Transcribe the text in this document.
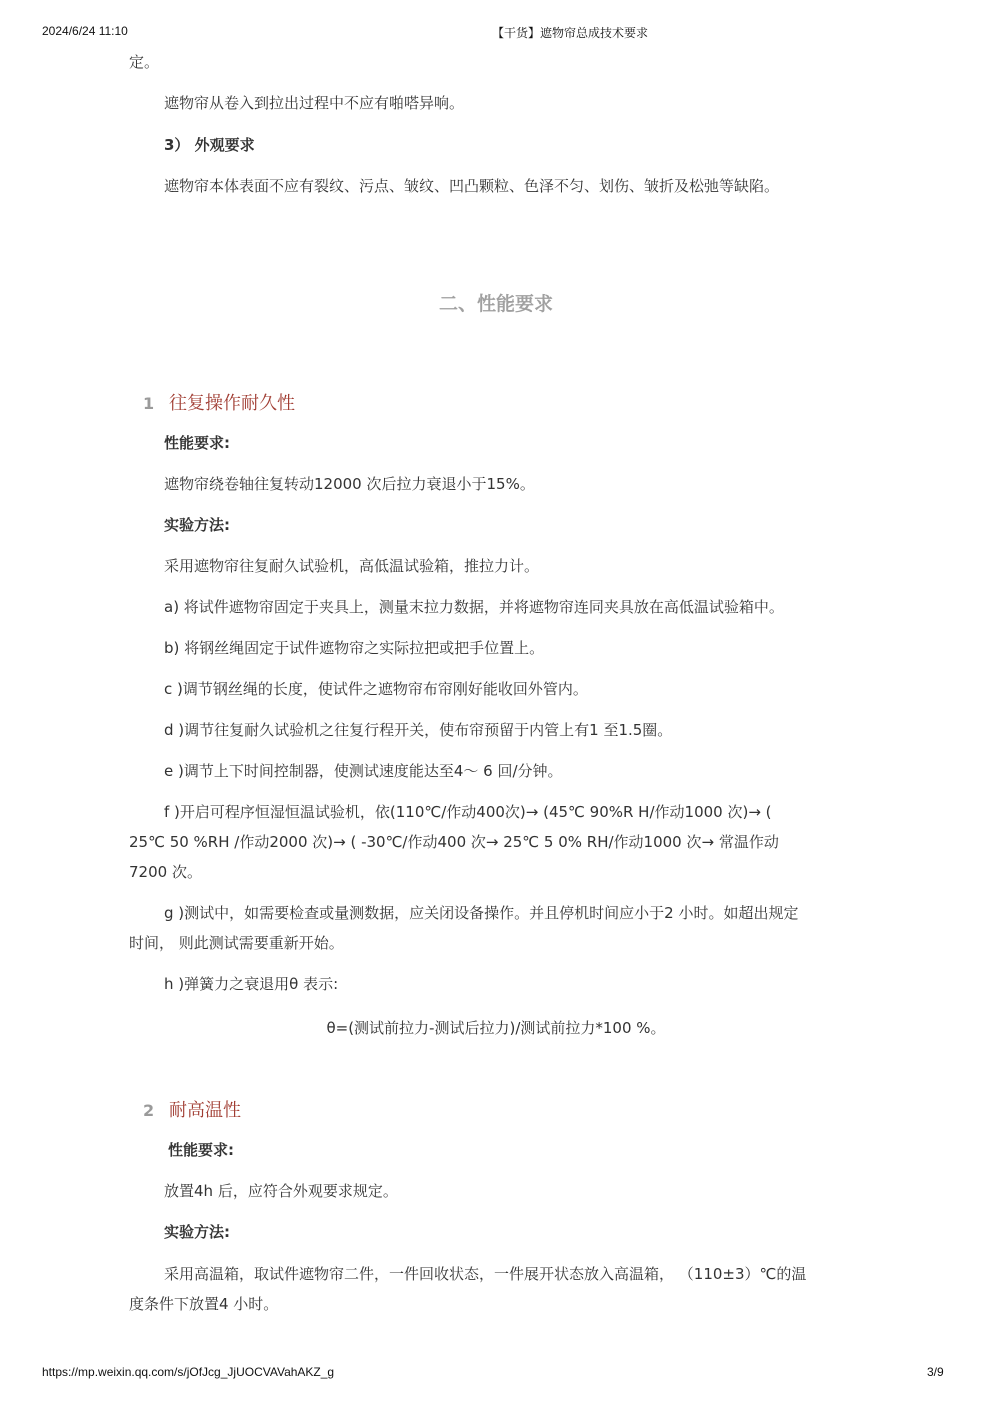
2024/6/24 11:10	【干货】遮物帘总成技术要求

定。

遮物帘从卷入到拉出过程中不应有啪嗒异响。

3） 外观要求

遮物帘本体表面不应有裂纹、污点、皱纹、凹凸颗粒、色泽不匀、划伤、皱折及松弛等缺陷。

二、性能要求
1 往复操作耐久性

性能要求:

遮物帘绕卷轴往复转动12000 次后拉力衰退小于15%。

实验方法:

采用遮物帘往复耐久试验机，高低温试验箱，推拉力计。

a) 将试件遮物帘固定于夹具上，测量末拉力数据，并将遮物帘连同夹具放在高低温试验箱中。

b) 将钢丝绳固定于试件遮物帘之实际拉把或把手位置上。

c )调节钢丝绳的长度，使试件之遮物帘布帘刚好能收回外管内。

d )调节往复耐久试验机之往复行程开关，使布帘预留于内管上有1 至1.5圈。

e )调节上下时间控制器，使测试速度能达至4～ 6 回/分钟。

f )开启可程序恒湿恒温试验机，依(110℃/作动400次)→ (45℃ 90%R H/作动1000 次)→ (

25℃ 50 %RH /作动2000 次)→ ( -30℃/作动400 次→ 25℃ 5 0% RH/作动1000 次→ 常温作动

7200 次。

g )测试中，如需要检查或量测数据，应关闭设备操作。并且停机时间应小于2 小时。如超出规定

时间， 则此测试需要重新开始。

h )弹簧力之衰退用θ 表示:

θ=(测试前拉力-测试后拉力)/测试前拉力*100 %。
2 耐高温性

性能要求:

放置4h 后，应符合外观要求规定。

实验方法:

采用高温箱，取试件遮物帘二件，一件回收状态，一件展开状态放入高温箱， （110±3）℃的温

度条件下放置4 小时。

https://mp.weixin.qq.com/s/jOfJcg_JjUOCVAVahAKZ_g	3/9
